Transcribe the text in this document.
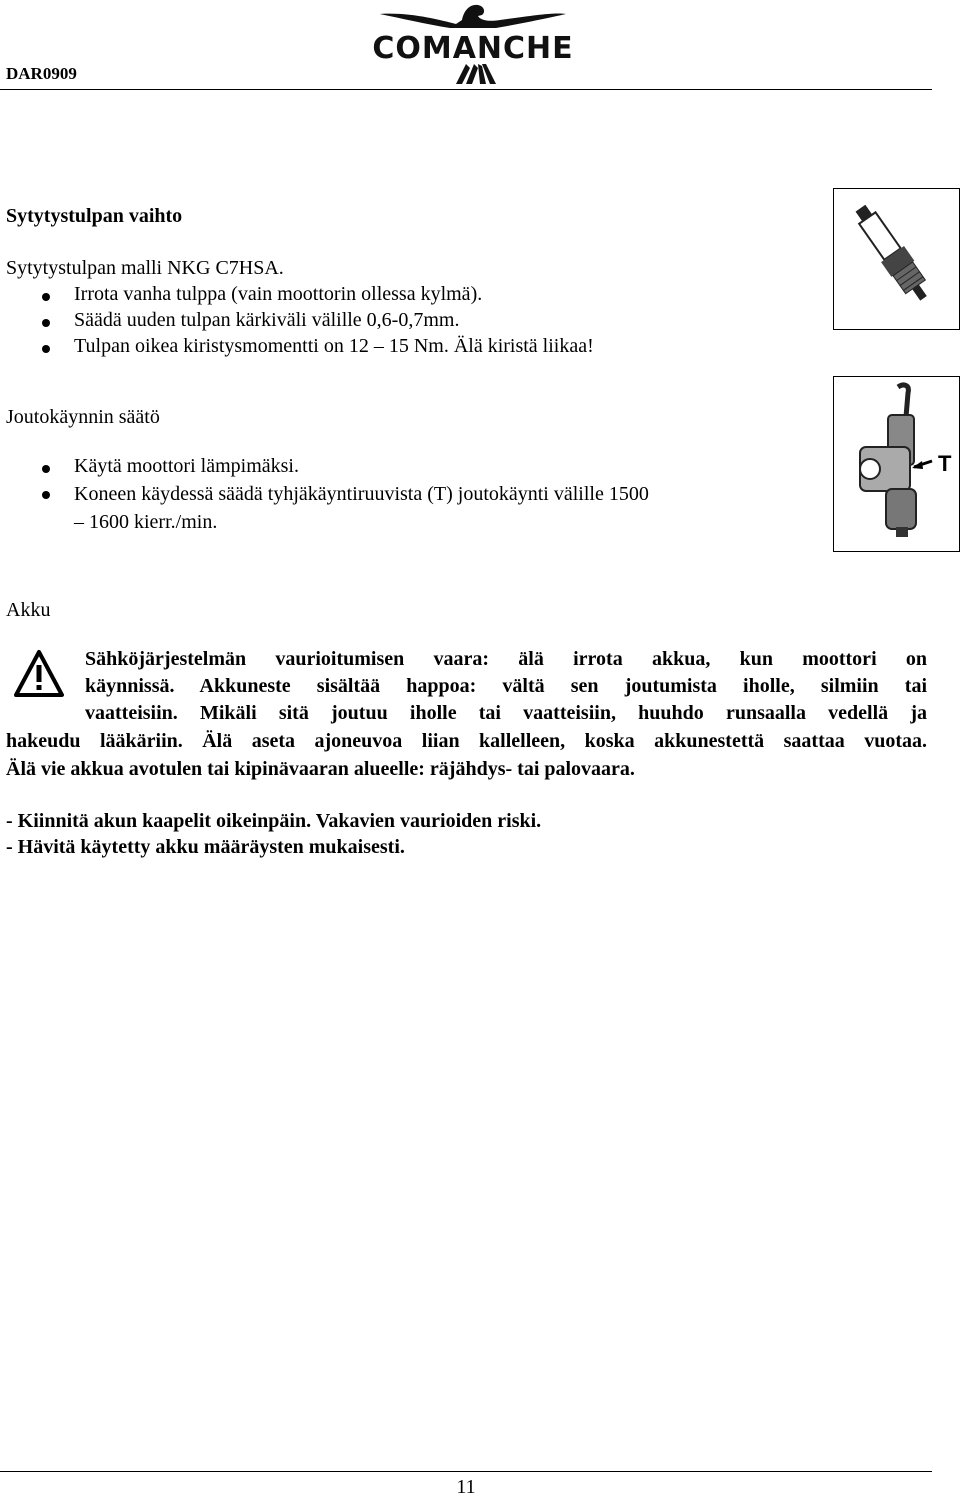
DAR0909
COMANCHE
Sytytystulpan vaihto
Sytytystulpan malli NKG C7HSA.
Irrota vanha tulppa (vain moottorin ollessa kylmä).
Säädä uuden tulpan kärkiväli välille 0,6-0,7mm.
Tulpan oikea kiristysmomentti on 12 – 15 Nm. Älä kiristä liikaa!
Joutokäynnin säätö
Käytä moottori lämpimäksi.
Koneen käydessä säädä tyhjäkäyntiruuvista (T) joutokäynti välille 1500
– 1600 kierr./min.
T
Akku
Sähköjärjestelmän vaurioitumisen vaara: älä irrota akkua, kun moottori on
käynnissä. Akkuneste sisältää happoa: vältä sen joutumista iholle, silmiin tai
vaatteisiin. Mikäli sitä joutuu iholle tai vaatteisiin, huuhdo runsaalla vedellä ja
hakeudu lääkäriin. Älä aseta ajoneuvoa liian kallelleen, koska akkunestettä saattaa vuotaa.
Älä vie akkua avotulen tai kipinävaaran alueelle: räjähdys- tai palovaara.
- Kiinnitä akun kaapelit oikeinpäin. Vakavien vaurioiden riski.
- Hävitä käytetty akku määräysten mukaisesti.
11
